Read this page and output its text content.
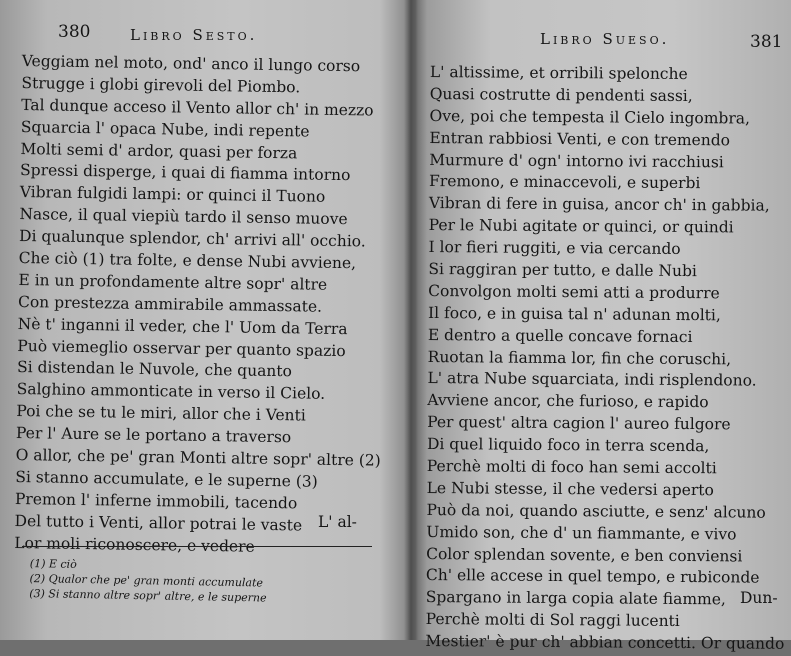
380	Libro Sesto.
Veggiam nel moto, ond' anco il lungo corso
Strugge i globi girevoli del Piombo.
Tal dunque acceso il Vento allor ch' in mezzo
Squarcia l' opaca Nube, indi repente
Molti semi d' ardor, quasi per forza
Spressi disperge, i quai di fiamma intorno
Vibran fulgidi lampi: or quinci il Tuono
Nasce, il qual viepiù tardo il senso muove
Di qualunque splendor, ch' arrivi all' occhio.
Che ciò (1) tra folte, e dense Nubi avviene,
E in un profondamente altre sopr' altre
Con prestezza ammirabile ammassate.
Nè t' inganni il veder, che l' Uom da Terra
Può viemeglio osservar per quanto spazio
Si distendan le Nuvole, che quanto
Salghino ammonticate in verso il Cielo.
Poi che se tu le miri, allor che i Venti
Per l' Aure se le portano a traverso
O allor, che pe' gran Monti altre sopr' altre (2)
Si stanno accumulate, e le superne (3)
Premon l' inferne immobili, tacendo
Del tutto i Venti, allor potrai le vaste
Lor moli riconoscere, e vedere
L' al-
(1) E ciò
(2) Qualor che pe' gran monti accumulate
(3) Si stanno altre sopr' altre, e le superne
Libro Sueso.	381
L' altissime, et orribili spelonche
Quasi costrutte di pendenti sassi,
Ove, poi che tempesta il Cielo ingombra,
Entran rabbiosi Venti, e con tremendo
Murmure d' ogn' intorno ivi racchiusi
Fremono, e minaccevoli, e superbi
Vibran di fere in guisa, ancor ch' in gabbia,
Per le Nubi agitate or quinci, or quindi
I lor fieri ruggiti, e via cercando
Si raggiran per tutto, e dalle Nubi
Convolgon molti semi atti a produrre
Il foco, e in guisa tal n' adunan molti,
E dentro a quelle concave fornaci
Ruotan la fiamma lor, fin che coruschi,
L' atra Nube squarciata, indi risplendono.
Avviene ancor, che furioso, e rapido
Per quest' altra cagion l' aureo fulgore
Di quel liquido foco in terra scenda,
Perchè molti di foco han semi accolti
Le Nubi stesse, il che vedersi aperto
Può da noi, quando asciutte, e senz' alcuno
Umido son, che d' un fiammante, e vivo
Color splendan sovente, e ben conviensi
Ch' elle accese in quel tempo, e rubiconde
Spargano in larga copia alate fiamme,
Perchè molti di Sol raggi lucenti
Mestier' è pur ch' abbian concetti. Or quando
Dun-
